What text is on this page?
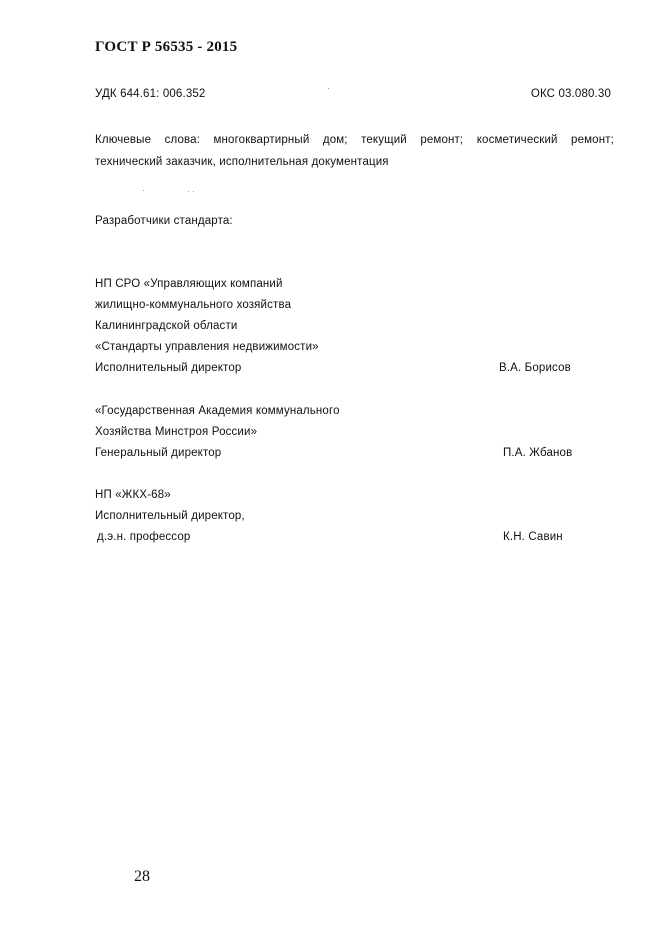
ГОСТ Р 56535 - 2015
УДК 644.61: 006.352	ОКС 03.080.30
Ключевые слова: многоквартирный дом; текущий ремонт; косметический ремонт; технический заказчик, исполнительная документация
Разработчики стандарта:
НП СРО «Управляющих компаний
жилищно-коммунального хозяйства
Калининградской области
«Стандарты управления недвижимости»
Исполнительный директор	В.А. Борисов
«Государственная Академия коммунального
Хозяйства Минстроя России»
Генеральный директор	П.А. Жбанов
НП «ЖКХ-68»
Исполнительный директор,
д.э.н. профессор	К.Н. Савин
28
